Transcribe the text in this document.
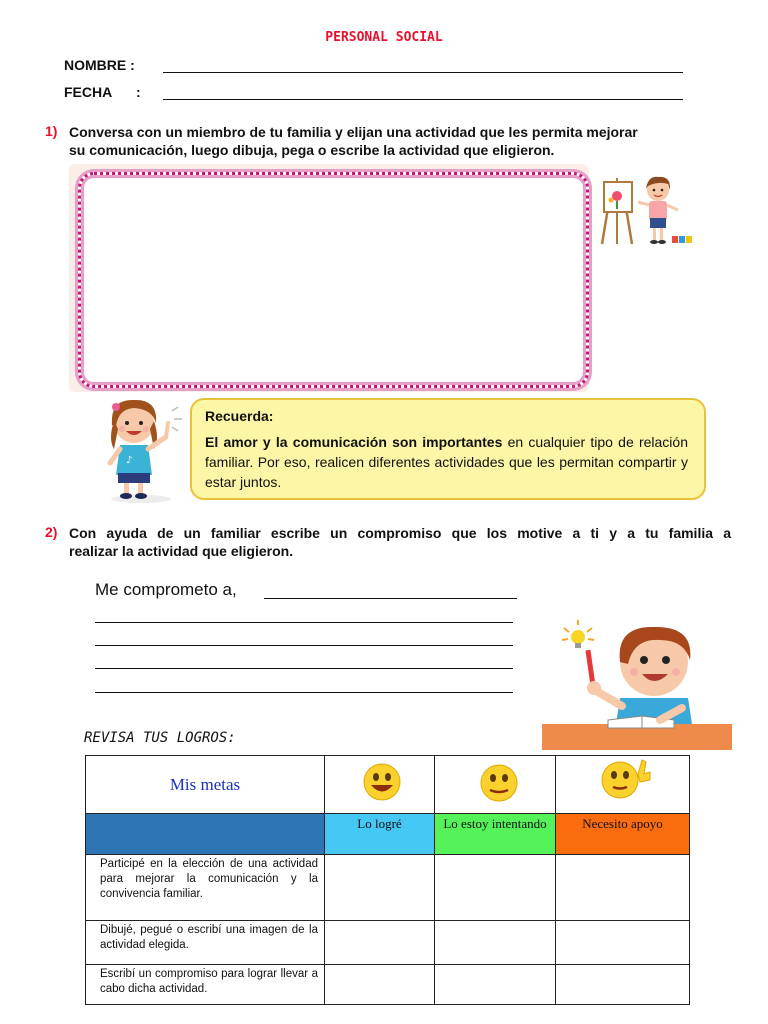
PERSONAL SOCIAL
NOMBRE :
FECHA :
1) Conversa con un miembro de tu familia y elijan una actividad que les permita mejorar
su comunicación, luego dibuja, pega o escribe la actividad que eligieron.
♪
Recuerda:
El amor y la comunicación son importantes en cualquier tipo de relación familiar. Por eso, realicen diferentes actividades que les permitan compartir y estar juntos.
2) Con ayuda de un familiar escribe un compromiso que los motive a ti y a tu familia a
realizar la actividad que eligieron.
Me comprometo a,
REVISA TUS LOGROS:
Mis metas			
	Lo logré	Lo estoy intentando	Necesito apoyo
Participé en la elección de una actividad para mejorar la comunicación y la convivencia familiar.			
Dibujé, pegué o escribí una imagen de la actividad elegida.			
Escribí un compromiso para lograr llevar a cabo dicha actividad.			
